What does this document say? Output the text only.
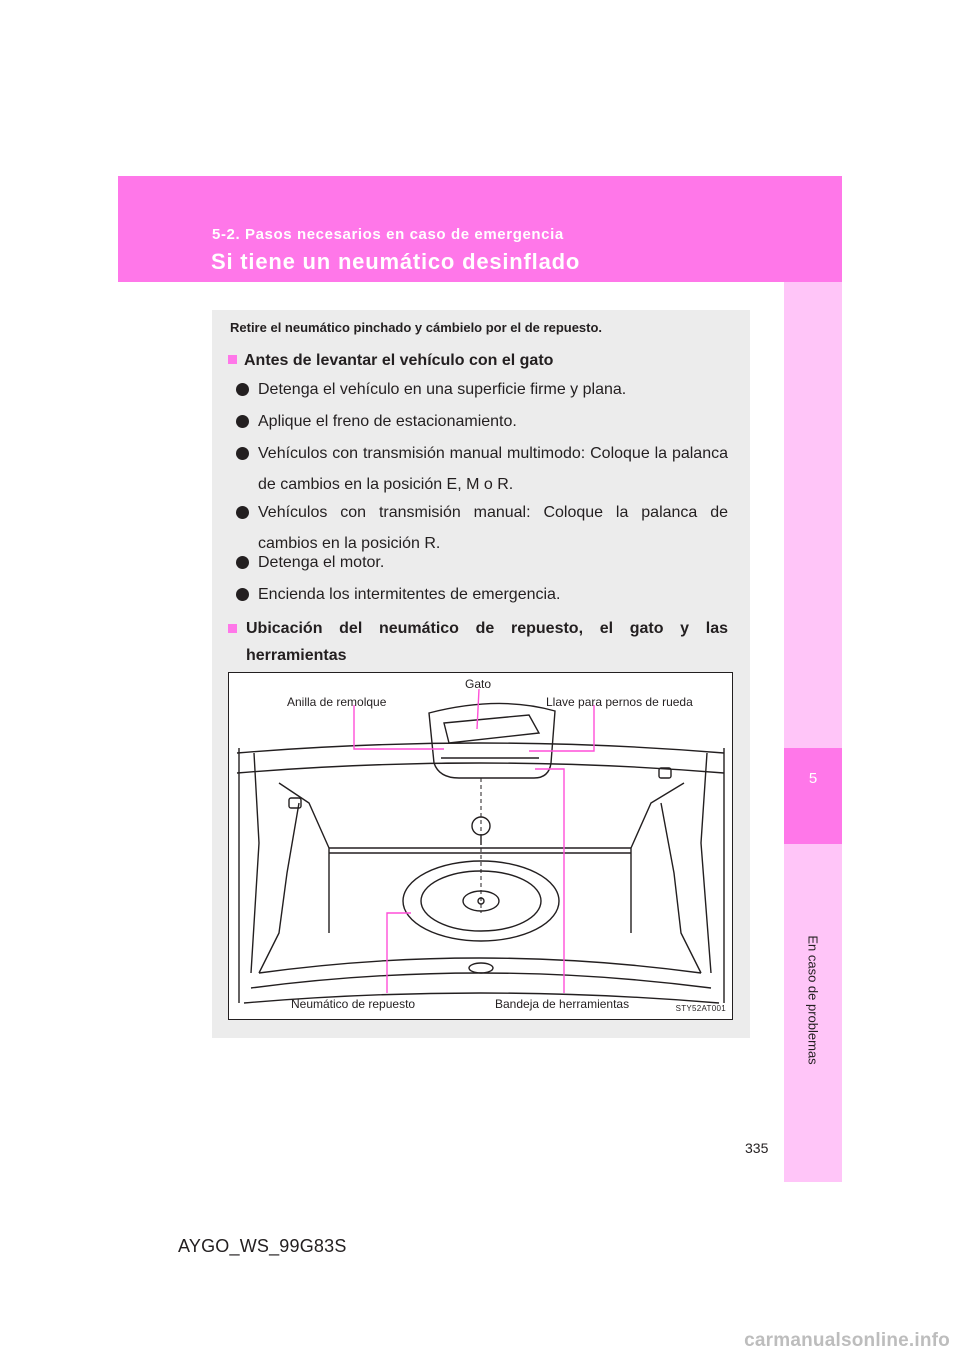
5-2. Pasos necesarios en caso de emergencia
Si tiene un neumático desinflado
5
En caso de problemas
Retire el neumático pinchado y cámbielo por el de repuesto.
Antes de levantar el vehículo con el gato
Detenga el vehículo en una superficie firme y plana.
Aplique el freno de estacionamiento.
Vehículos con transmisión manual multimodo: Coloque la palanca de cambios en la posición E, M o R.
Vehículos con transmisión manual: Coloque la palanca de cambios en la posición R.
Detenga el motor.
Encienda los intermitentes de emergencia.
Ubicación del neumático de repuesto, el gato y las herramientas
Anilla de remolque
Gato
Llave para pernos de rueda
Neumático de repuesto	Bandeja de herramientas	STY52AT001
335
AYGO_WS_99G83S
carmanualsonline.info
